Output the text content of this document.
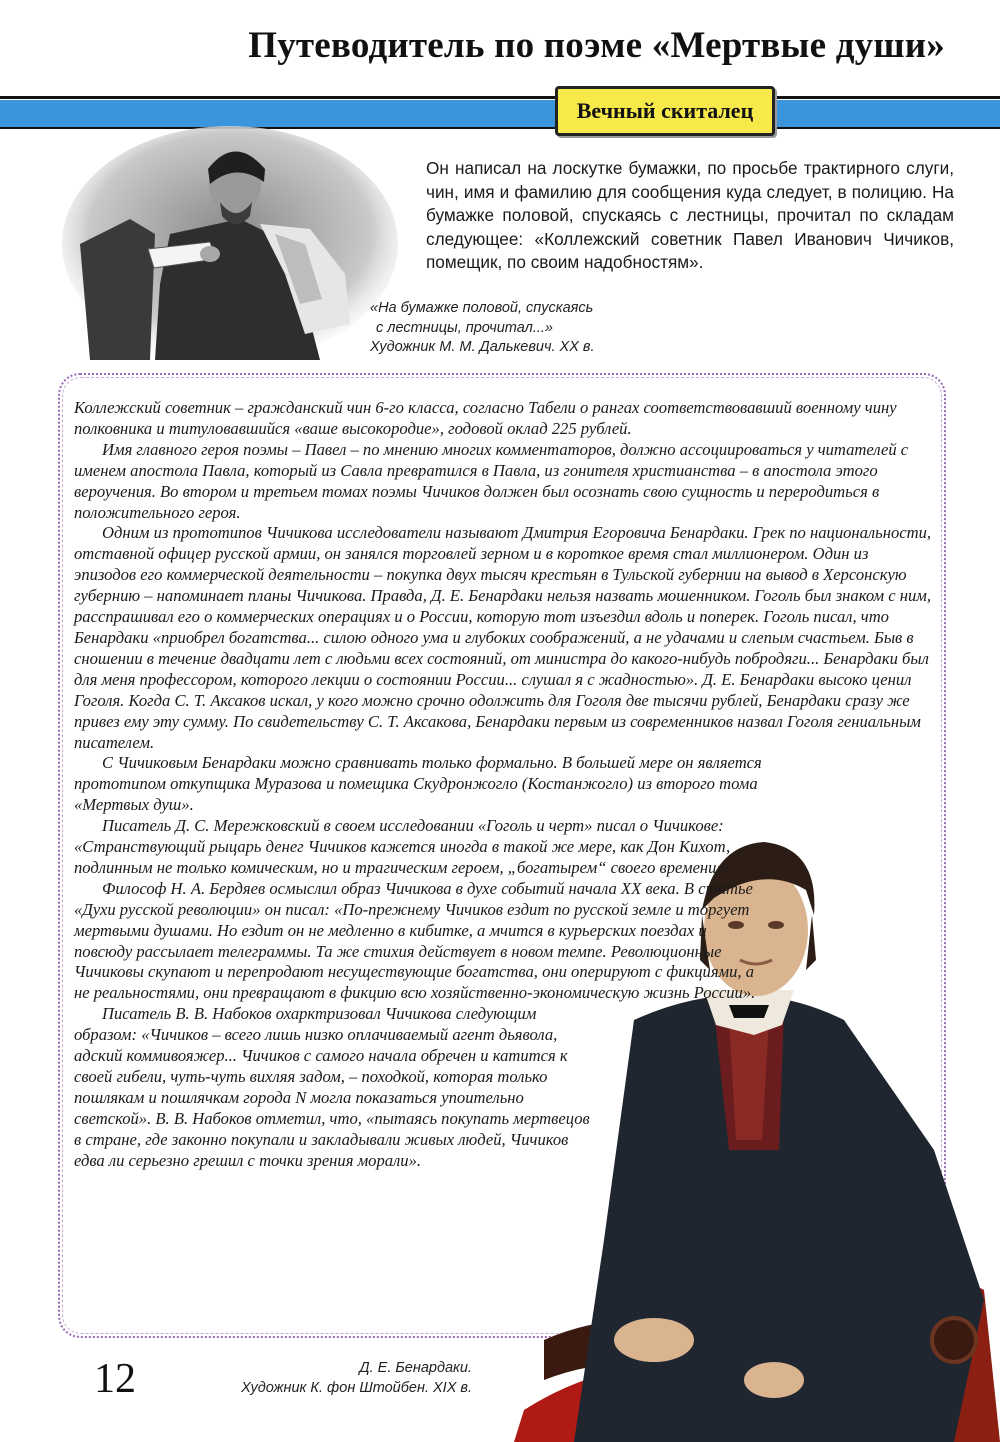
Путеводитель по поэме «Мертвые души»
Вечный скиталец

Он написал на лоскутке бумажки, по просьбе трактирного слуги, чин, имя и фамилию для сообщения куда следует, в полицию. На бумажке половой, спускаясь с лестницы, прочитал по складам следующее: «Коллежский советник Павел Иванович Чичиков, помещик, по своим надобностям».

«На бумажке половой, спускаясь
с лестницы, прочитал...»
Художник М. М. Далькевич. XX в.

Коллежский советник – гражданский чин 6-го класса, согласно Табели о рангах соответствовавший военному чину полковника и титуловавшийся «ваше высокородие», годовой оклад 225 рублей.

Имя главного героя поэмы – Павел – по мнению многих комментаторов, должно ассоциироваться у читателей с именем апостола Павла, который из Савла превратился в Павла, из гонителя христианства – в апостола этого вероучения. Во втором и третьем томах поэмы Чичиков должен был осознать свою сущность и переродиться в положительного героя.

Одним из прототипов Чичикова исследователи называют Дмитрия Егоровича Бенардаки. Грек по национальности, отставной офицер русской армии, он занялся торговлей зерном и в короткое время стал миллионером. Один из эпизодов его коммерческой деятельности – покупка двух тысяч крестьян в Тульской губернии на вывод в Херсонскую губернию – напоминает планы Чичикова. Правда, Д. Е. Бенардаки нельзя назвать мошенником. Гоголь был знаком с ним, расспрашивал его о коммерческих операциях и о России, которую тот изъездил вдоль и поперек. Гоголь писал, что Бенардаки «приобрел богатства... силою одного ума и глубоких соображений, а не удачами и слепым счастьем. Быв в сношении в течение двадцати лет с людьми всех состояний, от министра до какого-нибудь побродяги... Бенардаки был для меня профессором, которого лекции о состоянии России... слушал я с жадностью». Д. Е. Бенардаки высоко ценил Гоголя. Когда С. Т. Аксаков искал, у кого можно срочно одолжить для Гоголя две тысячи рублей, Бенардаки сразу же привез ему эту сумму. По свидетельству С. Т. Аксакова, Бенардаки первым из современников назвал Гоголя гениальным писателем.

С Чичиковым Бенардаки можно сравнивать только формально. В большей мере он является прототипом откупщика Муразова и помещика Скудронжогло (Костанжогло) из второго тома «Мертвых душ».

Писатель Д. С. Мережковский в своем исследовании «Гоголь и черт» писал о Чичикове: «Странствующий рыцарь денег Чичиков кажется иногда в такой же мере, как Дон Кихот, подлинным не только комическим, но и трагическим героем, „богатырем“ своего времени».

Философ Н. А. Бердяев осмыслил образ Чичикова в духе событий начала XX века. В статье «Духи русской революции» он писал: «По-прежнему Чичиков ездит по русской земле и торгует мертвыми душами. Но ездит он не медленно в кибитке, а мчится в курьерских поездах и повсюду рассылает телеграммы. Та же стихия действует в новом темпе. Революционные Чичиковы скупают и перепродают несуществующие богатства, они оперируют с фикциями, а не реальностями, они превращают в фикцию всю хозяйственно-экономическую жизнь России».

Писатель В. В. Набоков охарктризовал Чичикова следующим образом: «Чичиков – всего лишь низко оплачиваемый агент дьявола, адский коммивояжер... Чичиков с самого начала обречен и катится к своей гибели, чуть-чуть вихляя задом, – походкой, которая только пошлякам и пошлячкам города N могла показаться упоительно светской». В. В. Набоков отметил, что, «пытаясь покупать мертвецов в стране, где законно покупали и закладывали живых людей, Чичиков едва ли серьезно грешил с точки зрения морали».

12	Д. Е. Бенардаки.
Художник К. фон Штойбен. XIX в.
